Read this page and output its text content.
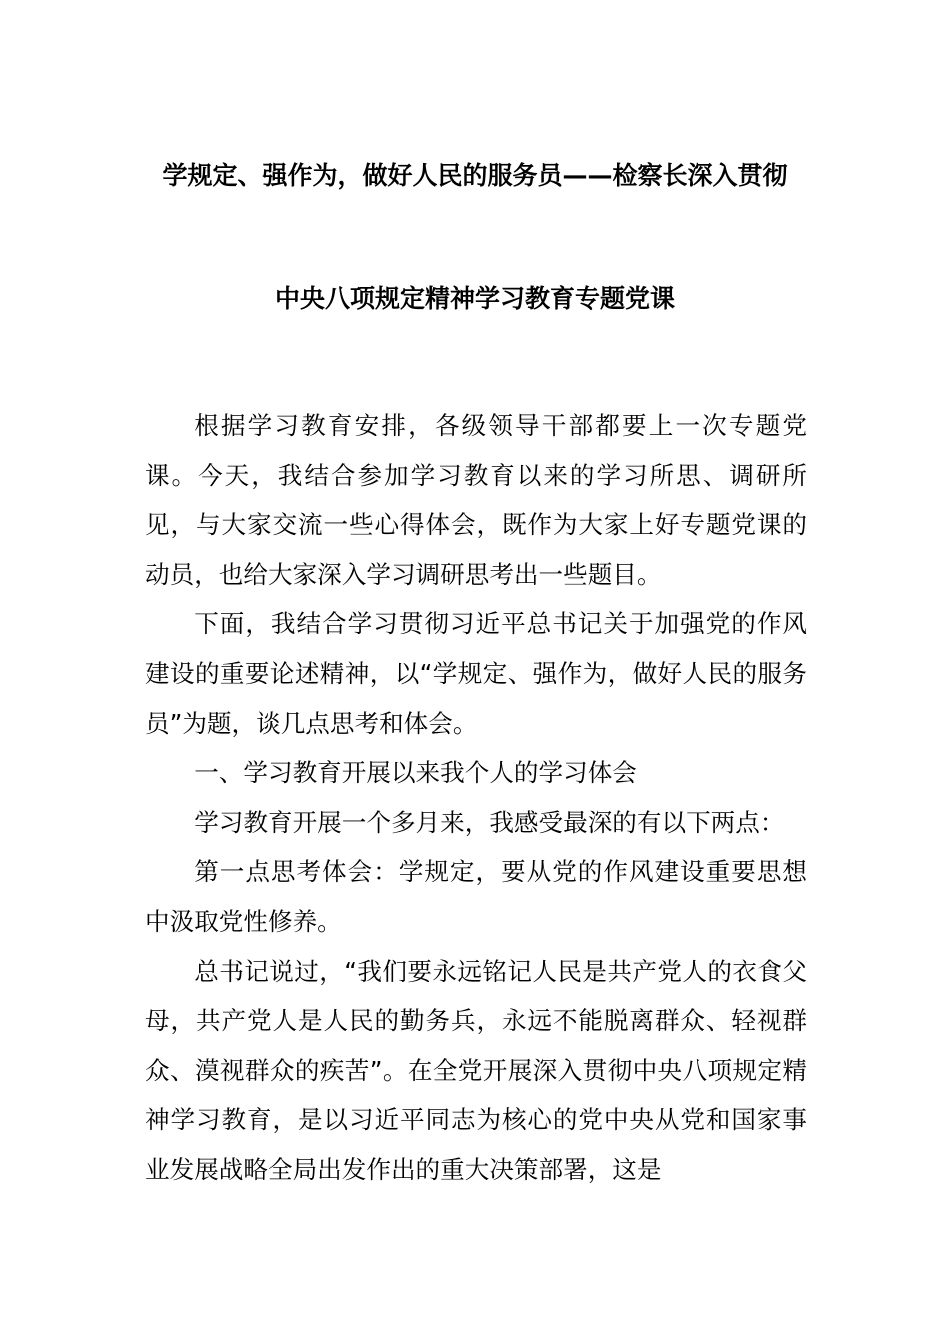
学规定、强作为，做好人民的服务员——检察长深入贯彻
中央八项规定精神学习教育专题党课

根据学习教育安排，各级领导干部都要上一次专题党课。今天，我结合参加学习教育以来的学习所思、调研所见，与大家交流一些心得体会，既作为大家上好专题党课的动员，也给大家深入学习调研思考出一些题目。

下面，我结合学习贯彻习近平总书记关于加强党的作风建设的重要论述精神，以“学规定、强作为，做好人民的服务员”为题，谈几点思考和体会。

一、学习教育开展以来我个人的学习体会

学习教育开展一个多月来，我感受最深的有以下两点：

第一点思考体会：学规定，要从党的作风建设重要思想中汲取党性修养。

总书记说过，“我们要永远铭记人民是共产党人的衣食父母，共产党人是人民的勤务兵，永远不能脱离群众、轻视群众、漠视群众的疾苦”。在全党开展深入贯彻中央八项规定精神学习教育，是以习近平同志为核心的党中央从党和国家事业发展战略全局出发作出的重大决策部署，这是
